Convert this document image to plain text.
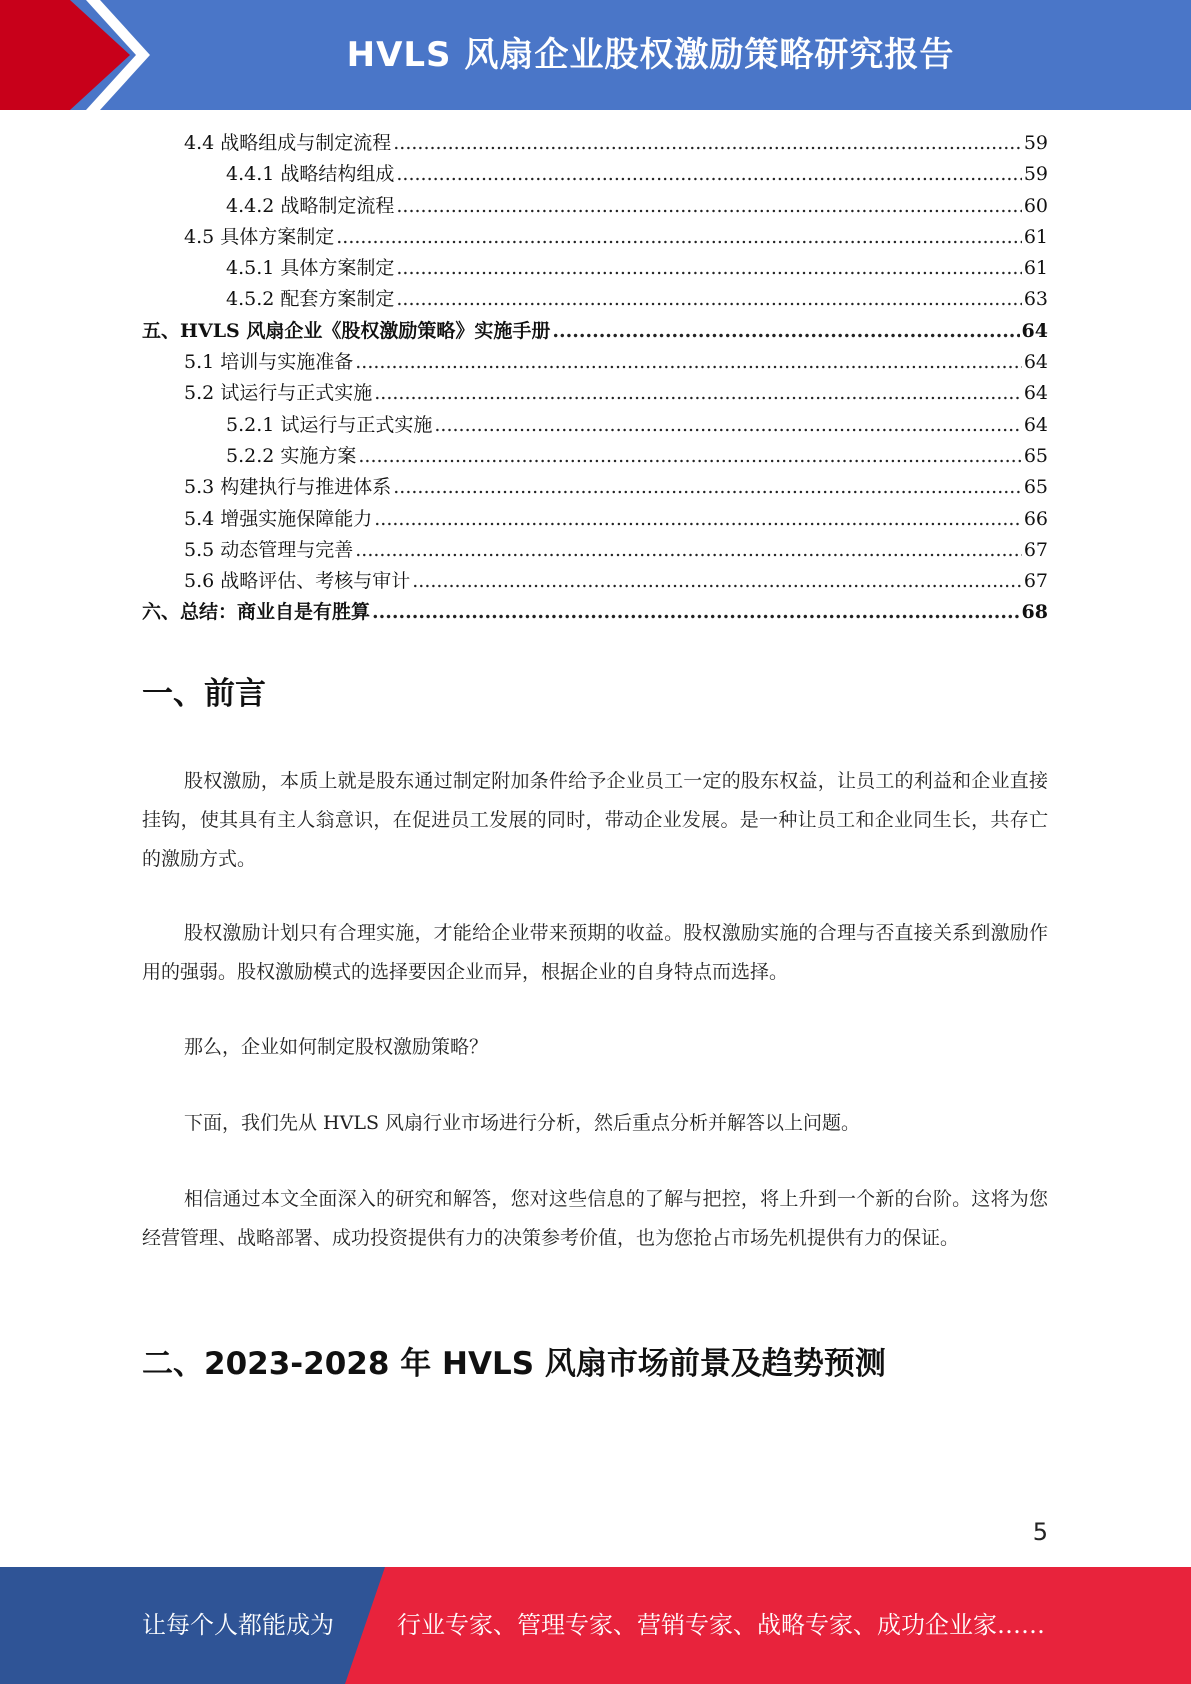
HVLS 风扇企业股权激励策略研究报告
4.4 战略组成与制定流程 .....	59
4.4.1 战略结构组成 .....	59
4.4.2 战略制定流程 .....	60
4.5 具体方案制定 .....	61
4.5.1 具体方案制定 .....	61
4.5.2 配套方案制定 .....	63
五、HVLS 风扇企业《股权激励策略》实施手册 .....	64
5.1 培训与实施准备 .....	64
5.2 试运行与正式实施 .....	64
5.2.1 试运行与正式实施 .....	64
5.2.2 实施方案 .....	65
5.3 构建执行与推进体系 .....	65
5.4 增强实施保障能力 .....	66
5.5 动态管理与完善 .....	67
5.6 战略评估、考核与审计 .....	67
六、总结：商业自是有胜算 .....	68
一、前言
股权激励，本质上就是股东通过制定附加条件给予企业员工一定的股东权益，让员工的利益和企业直接挂钩，使其具有主人翁意识，在促进员工发展的同时，带动企业发展。是一种让员工和企业同生长，共存亡的激励方式。
股权激励计划只有合理实施，才能给企业带来预期的收益。股权激励实施的合理与否直接关系到激励作用的强弱。股权激励模式的选择要因企业而异，根据企业的自身特点而选择。
那么，企业如何制定股权激励策略？
下面，我们先从 HVLS 风扇行业市场进行分析，然后重点分析并解答以上问题。
相信通过本文全面深入的研究和解答，您对这些信息的了解与把控，将上升到一个新的台阶。这将为您经营管理、战略部署、成功投资提供有力的决策参考价值，也为您抢占市场先机提供有力的保证。
二、2023-2028 年 HVLS 风扇市场前景及趋势预测
5
让每个人都能成为	行业专家、管理专家、营销专家、战略专家、成功企业家……
